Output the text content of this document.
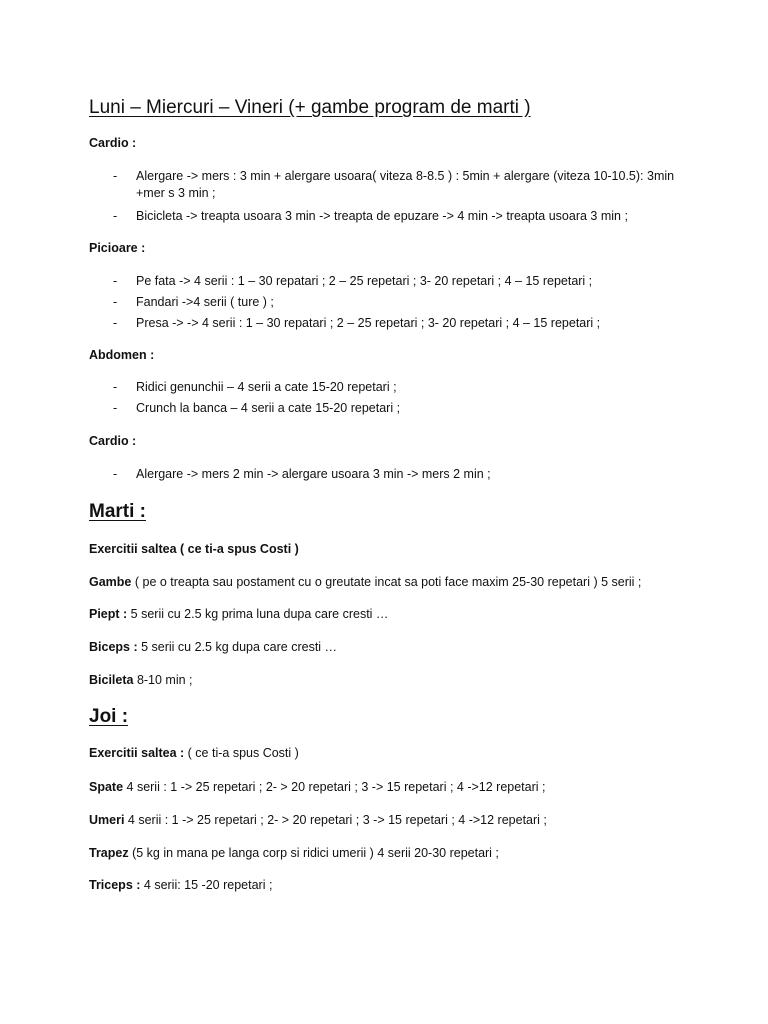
Luni – Miercuri – Vineri (+ gambe program de marti )
Cardio :
- Alergare -> mers : 3 min + alergare usoara( viteza 8-8.5 ) : 5min + alergare (viteza 10-10.5): 3min
+mer s 3 min ;
- Bicicleta -> treapta usoara 3 min -> treapta de epuzare -> 4 min -> treapta usoara 3 min ;
Picioare :
- Pe fata -> 4 serii : 1 – 30 repatari ; 2 – 25 repetari ; 3- 20 repetari ; 4 – 15 repetari ;
- Fandari ->4 serii ( ture ) ;
- Presa -> -> 4 serii : 1 – 30 repatari ; 2 – 25 repetari ; 3- 20 repetari ; 4 – 15 repetari ;
Abdomen :
- Ridici genunchii – 4 serii a cate 15-20 repetari ;
- Crunch la banca – 4 serii a cate 15-20 repetari ;
Cardio :
- Alergare -> mers 2 min -> alergare usoara 3 min -> mers 2 min ;
Marti :
Exercitii saltea ( ce ti-a spus Costi )
Gambe ( pe o treapta sau postament cu o greutate incat sa poti face maxim 25-30 repetari ) 5 serii ;
Piept : 5 serii cu 2.5 kg prima luna dupa care cresti …
Biceps : 5 serii cu 2.5 kg dupa care cresti …
Bicileta 8-10 min ;
Joi :
Exercitii saltea : ( ce ti-a spus Costi )
Spate 4 serii : 1 -> 25 repetari ; 2- > 20 repetari ; 3 -> 15 repetari ; 4 ->12 repetari ;
Umeri 4 serii : 1 -> 25 repetari ; 2- > 20 repetari ; 3 -> 15 repetari ; 4 ->12 repetari ;
Trapez (5 kg in mana pe langa corp si ridici umerii ) 4 serii 20-30 repetari ;
Triceps : 4 serii: 15 -20 repetari ;
